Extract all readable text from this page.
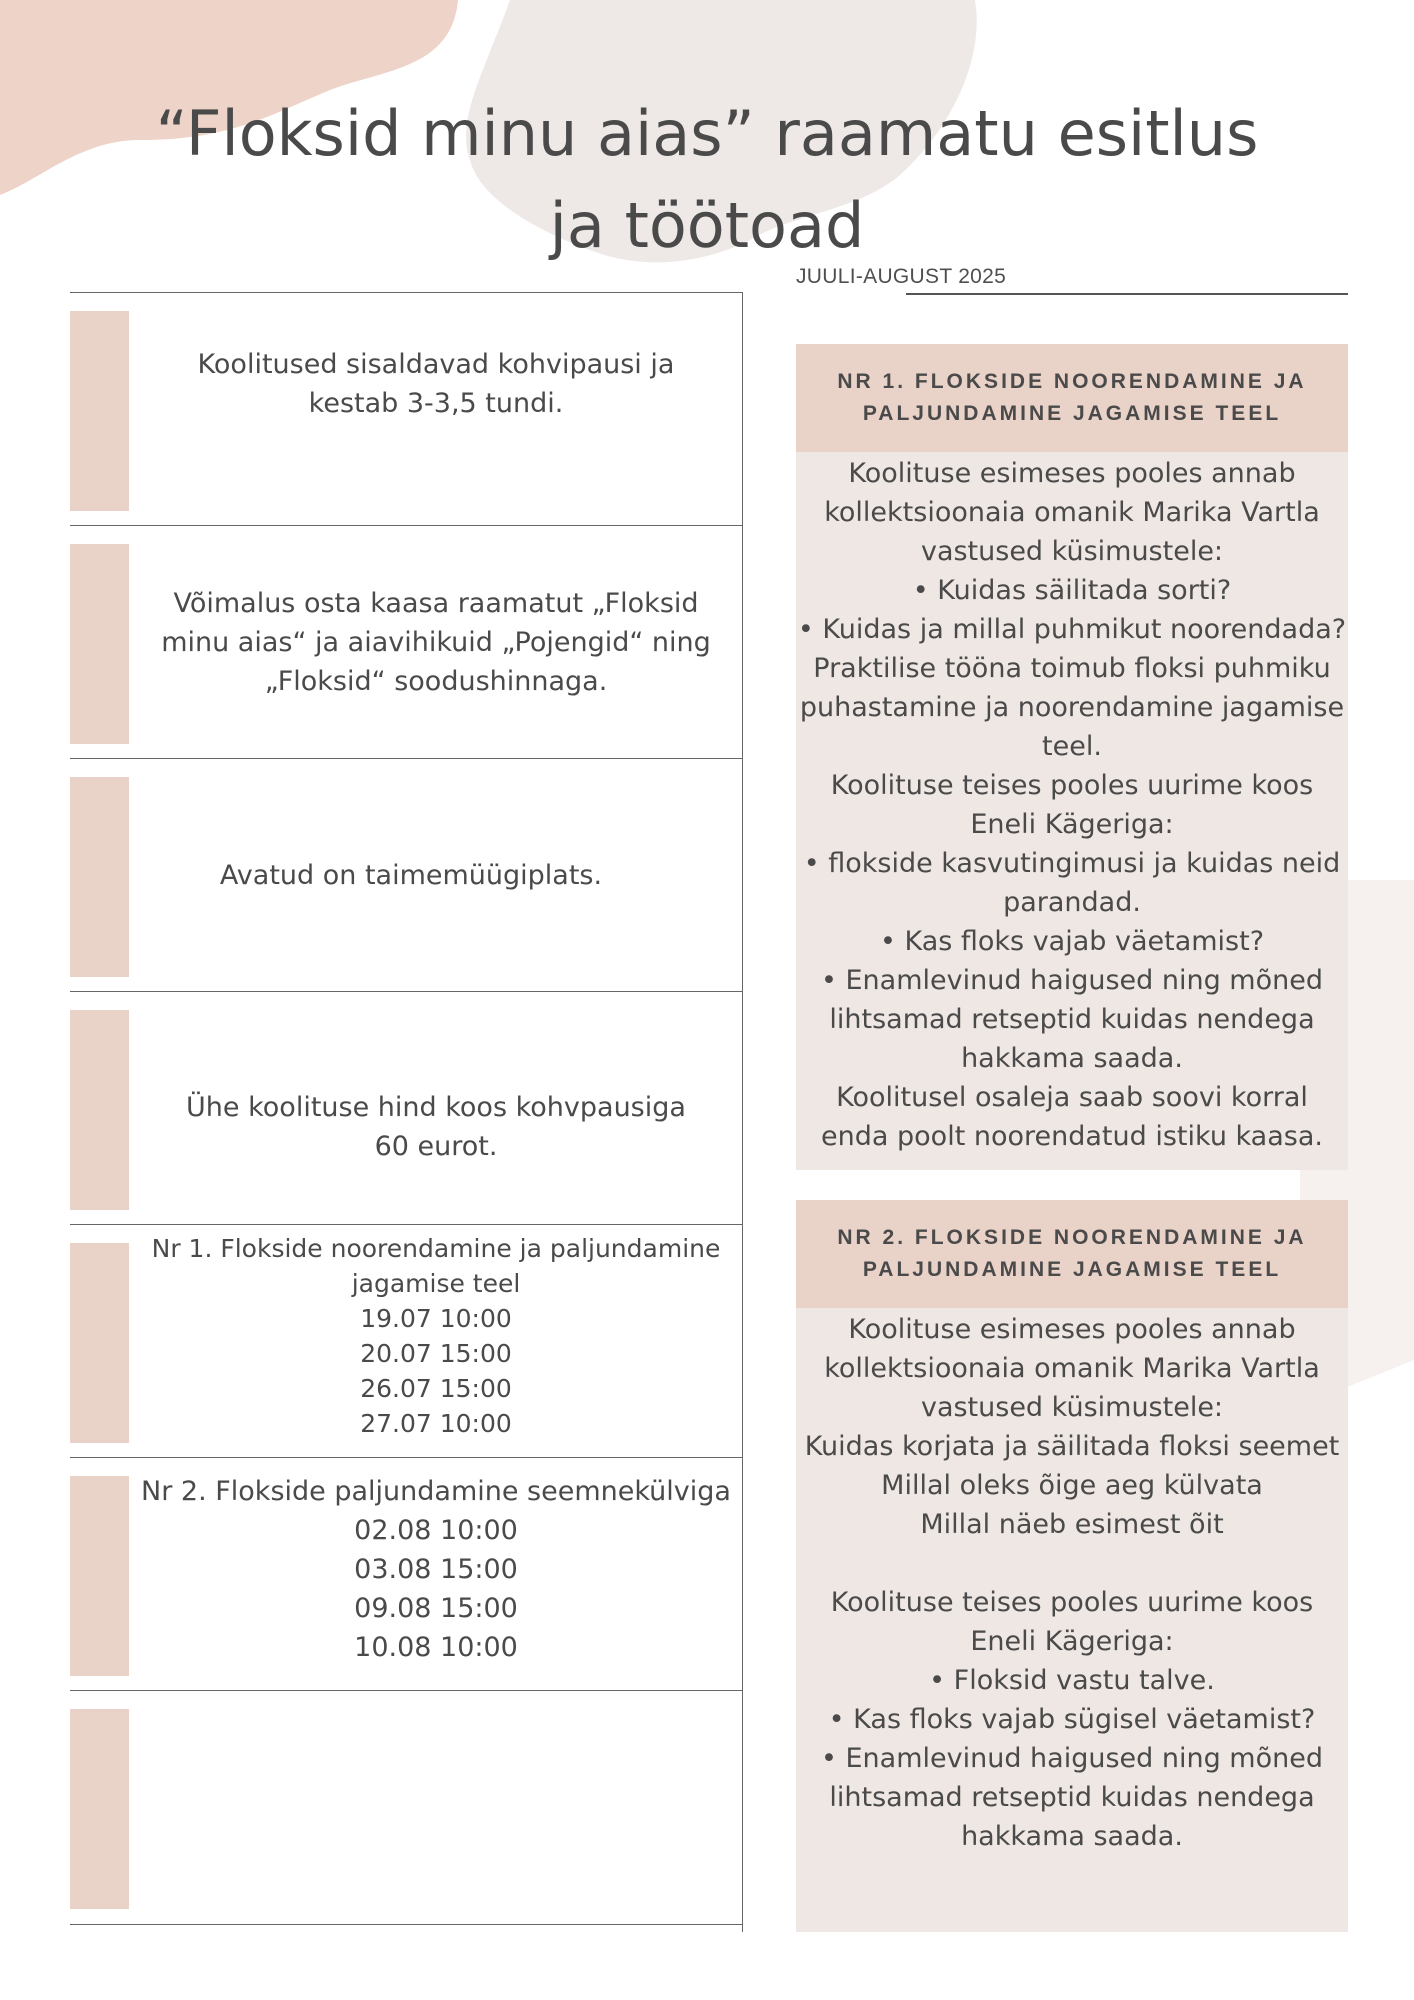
“Floksid minu aias” raamatu esitlus
ja töötoad
JUULI-AUGUST 2025
Koolitused sisaldavad kohvipausi ja
kestab 3-3,5 tundi.
Võimalus osta kaasa raamatut „Floksid
minu aias“ ja aiavihikuid „Pojengid“ ning
„Floksid“ soodushinnaga.
Avatud on taimemüügiplats.
Ühe koolituse hind koos kohvpausiga
60 eurot.
Nr 1. Flokside noorendamine ja paljundamine
jagamise teel
19.07 10:00
20.07 15:00
26.07 15:00
27.07 10:00
Nr 2. Flokside paljundamine seemnekülviga
02.08 10:00
03.08 15:00
09.08 15:00
10.08 10:00
NR 1. FLOKSIDE NOORENDAMINE JA
PALJUNDAMINE JAGAMISE TEEL
Koolituse esimeses pooles annab
kollektsioonaia omanik Marika Vartla
vastused küsimustele:
• Kuidas säilitada sorti?
• Kuidas ja millal puhmikut noorendada?
Praktilise tööna toimub floksi puhmiku
puhastamine ja noorendamine jagamise
teel.
Koolituse teises pooles uurime koos
Eneli Kägeriga:
• flokside kasvutingimusi ja kuidas neid
parandad.
• Kas floks vajab väetamist?
• Enamlevinud haigused ning mõned
lihtsamad retseptid kuidas nendega
hakkama saada.
Koolitusel osaleja saab soovi korral
enda poolt noorendatud istiku kaasa.
NR 2. FLOKSIDE NOORENDAMINE JA
PALJUNDAMINE JAGAMISE TEEL
Koolituse esimeses pooles annab
kollektsioonaia omanik Marika Vartla
vastused küsimustele:
Kuidas korjata ja säilitada floksi seemet
Millal oleks õige aeg külvata
Millal näeb esimest õit
Koolituse teises pooles uurime koos
Eneli Kägeriga:
• Floksid vastu talve.
• Kas floks vajab sügisel väetamist?
• Enamlevinud haigused ning mõned
lihtsamad retseptid kuidas nendega
hakkama saada.
